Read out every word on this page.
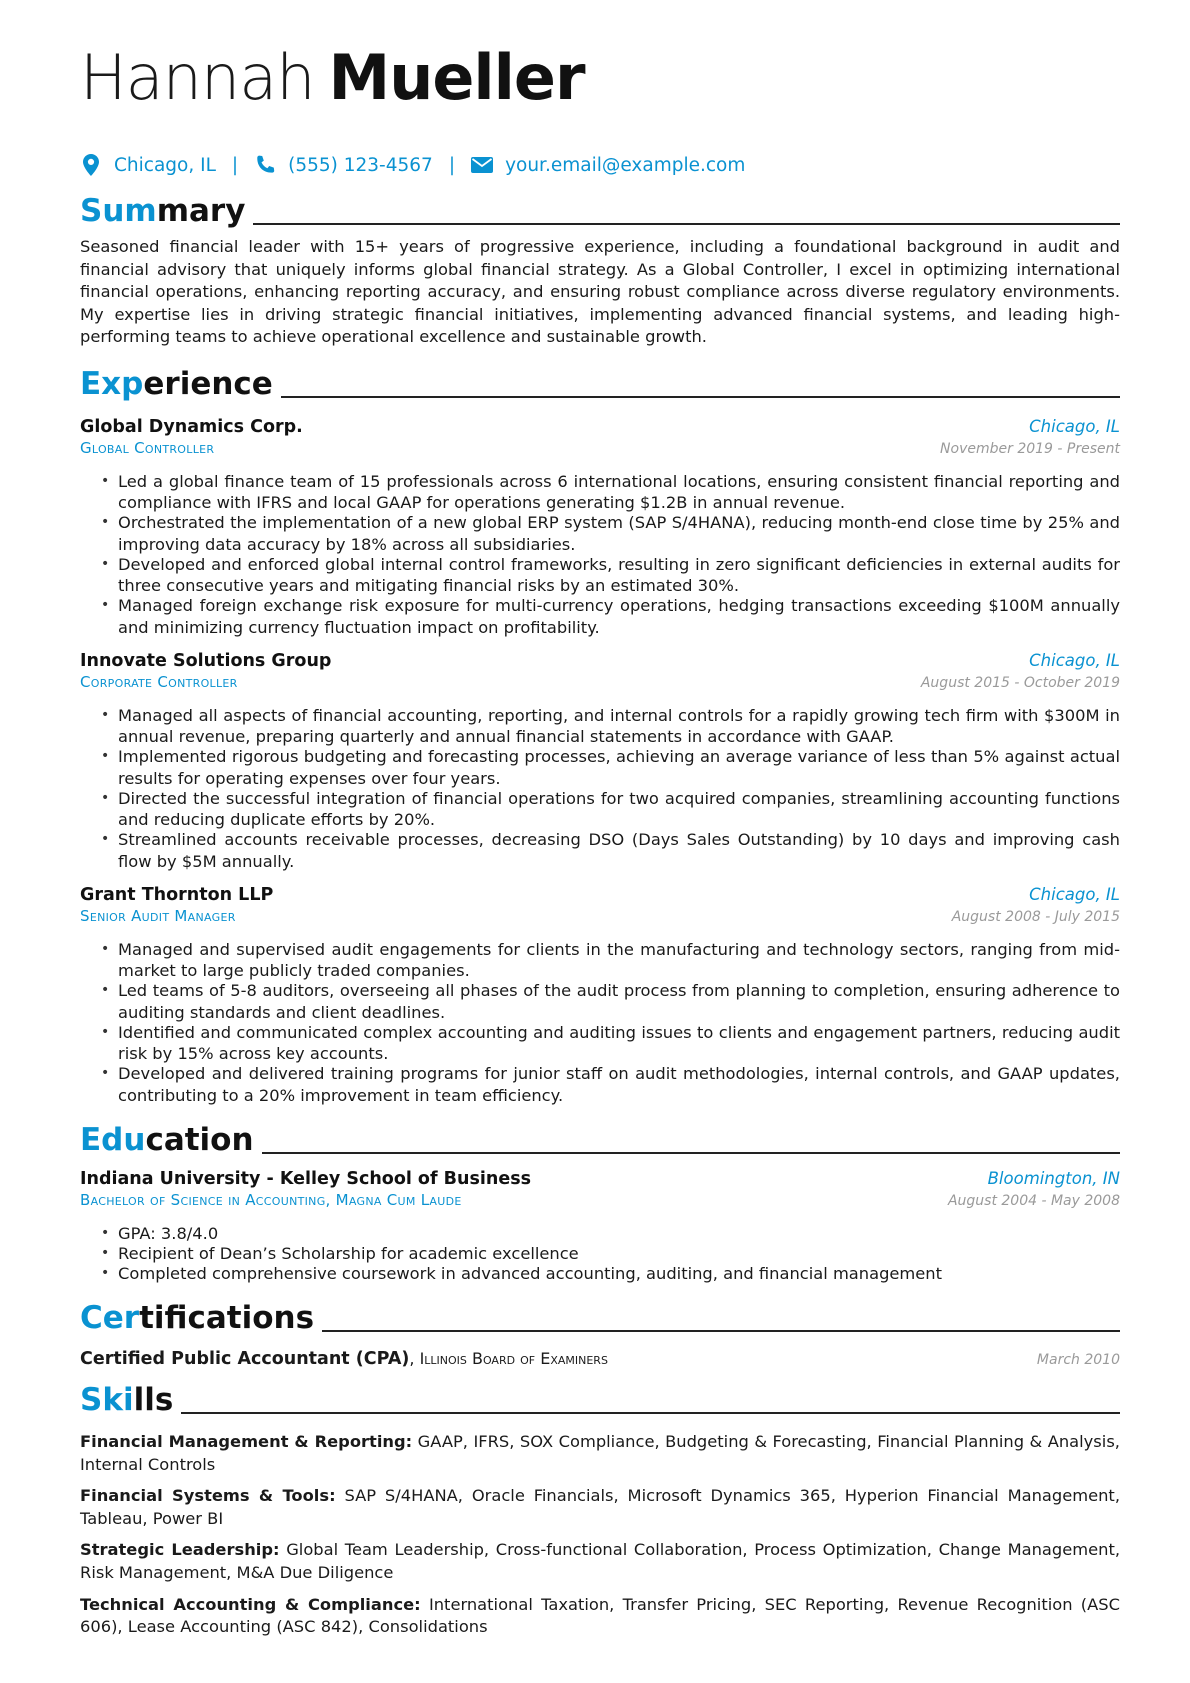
Hannah Mueller
Chicago, IL |	(555) 123-4567 |	your.email@example.com
Summary
Seasoned financial leader with 15+ years of progressive experience, including a foundational background in audit and financial advisory that uniquely informs global financial strategy. As a Global Controller, I excel in optimizing international financial operations, enhancing reporting accuracy, and ensuring robust compliance across diverse regulatory environments. My expertise lies in driving strategic financial initiatives, implementing advanced financial systems, and leading high-performing teams to achieve operational excellence and sustainable growth.
Experience
Global Dynamics Corp.	Chicago, IL
Global Controller	November 2019 - Present
• Led a global finance team of 15 professionals across 6 international locations, ensuring consistent financial reporting and compliance with IFRS and local GAAP for operations generating $1.2B in annual revenue.
• Orchestrated the implementation of a new global ERP system (SAP S/4HANA), reducing month-end close time by 25% and improving data accuracy by 18% across all subsidiaries.
• Developed and enforced global internal control frameworks, resulting in zero significant deficiencies in external audits for three consecutive years and mitigating financial risks by an estimated 30%.
• Managed foreign exchange risk exposure for multi-currency operations, hedging transactions exceeding $100M annually and minimizing currency fluctuation impact on profitability.
Innovate Solutions Group	Chicago, IL
Corporate Controller	August 2015 - October 2019
• Managed all aspects of financial accounting, reporting, and internal controls for a rapidly growing tech firm with $300M in annual revenue, preparing quarterly and annual financial statements in accordance with GAAP.
• Implemented rigorous budgeting and forecasting processes, achieving an average variance of less than 5% against actual results for operating expenses over four years.
• Directed the successful integration of financial operations for two acquired companies, streamlining accounting functions and reducing duplicate efforts by 20%.
• Streamlined accounts receivable processes, decreasing DSO (Days Sales Outstanding) by 10 days and improving cash flow by $5M annually.
Grant Thornton LLP	Chicago, IL
Senior Audit Manager	August 2008 - July 2015
• Managed and supervised audit engagements for clients in the manufacturing and technology sectors, ranging from mid-market to large publicly traded companies.
• Led teams of 5-8 auditors, overseeing all phases of the audit process from planning to completion, ensuring adherence to auditing standards and client deadlines.
• Identified and communicated complex accounting and auditing issues to clients and engagement partners, reducing audit risk by 15% across key accounts.
• Developed and delivered training programs for junior staff on audit methodologies, internal controls, and GAAP updates, contributing to a 20% improvement in team efficiency.
Education
Indiana University - Kelley School of Business	Bloomington, IN
Bachelor of Science in Accounting, Magna Cum Laude	August 2004 - May 2008
• GPA: 3.8/4.0
• Recipient of Dean’s Scholarship for academic excellence
• Completed comprehensive coursework in advanced accounting, auditing, and financial management
Certifications
Certified Public Accountant (CPA), Illinois Board of Examiners	March 2010
Skills
Financial Management & Reporting: GAAP, IFRS, SOX Compliance, Budgeting & Forecasting, Financial Planning & Analysis, Internal Controls
Financial Systems & Tools: SAP S/4HANA, Oracle Financials, Microsoft Dynamics 365, Hyperion Financial Management, Tableau, Power BI
Strategic Leadership: Global Team Leadership, Cross-functional Collaboration, Process Optimization, Change Management, Risk Management, M&A Due Diligence
Technical Accounting & Compliance: International Taxation, Transfer Pricing, SEC Reporting, Revenue Recognition (ASC 606), Lease Accounting (ASC 842), Consolidations
